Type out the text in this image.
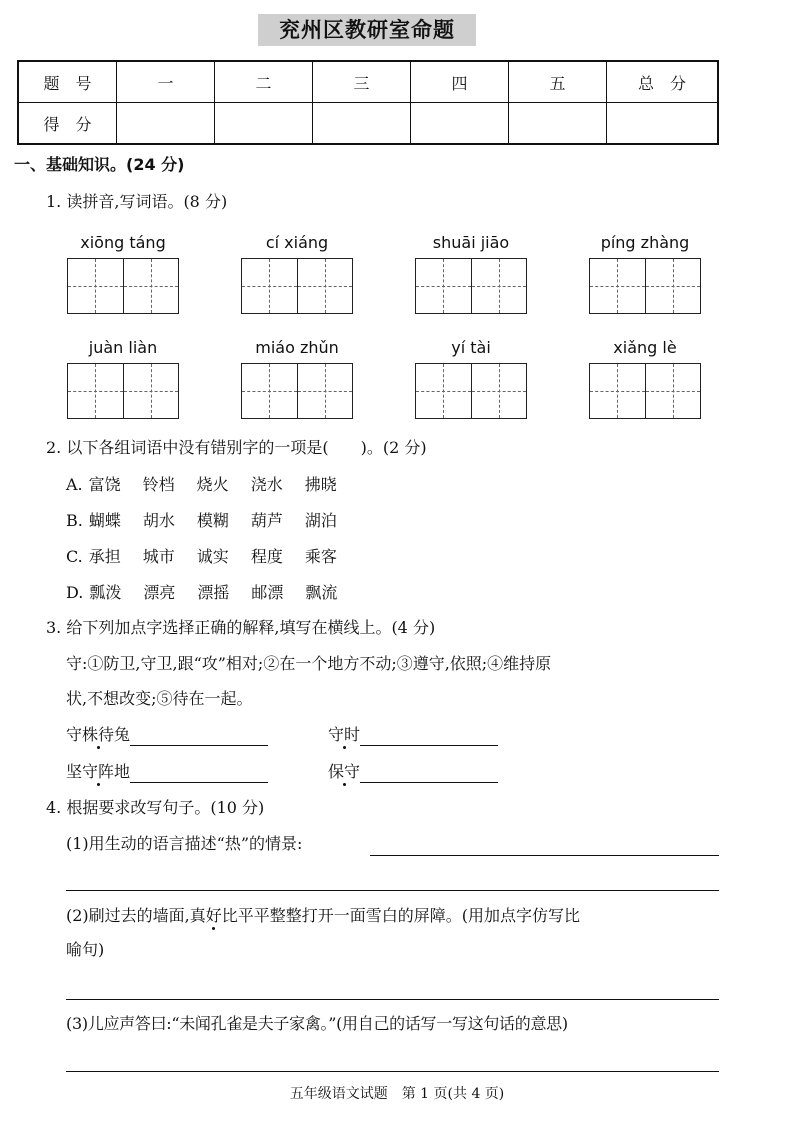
兖州区教研室命题
题　号	一	二	三	四	五	总　分
得　分						
一、基础知识。(24 分)
1. 读拼音,写词语。(8 分)
xiōng táng	cí xiáng	shuāi jiāo	píng zhàng
juàn liàn	miáo zhǔn	yí tài	xiǎng lè
2. 以下各组词语中没有错别字的一项是(　　)。(2 分)
A. 富饶 铃档 烧火 浇水 拂晓
B. 蝴蝶 胡水 模糊 葫芦 湖泊
C. 承担 城市 诚实 程度 乘客
D. 瓢泼 漂亮 漂摇 邮漂 飘流
3. 给下列加点字选择正确的解释,填写在横线上。(4 分)
守:①防卫,守卫,跟“攻”相对;②在一个地方不动;③遵守,依照;④维持原
状,不想改变;⑤待在一起。
守株待兔	守时
坚守阵地	保守
4. 根据要求改写句子。(10 分)
(1)用生动的语言描述“热”的情景:
(2)刷过去的墙面,真好比平平整整打开一面雪白的屏障。(用加点字仿写比
喻句)
(3)儿应声答曰:“未闻孔雀是夫子家禽。”(用自己的话写一写这句话的意思)
五年级语文试题　第 1 页(共 4 页)
